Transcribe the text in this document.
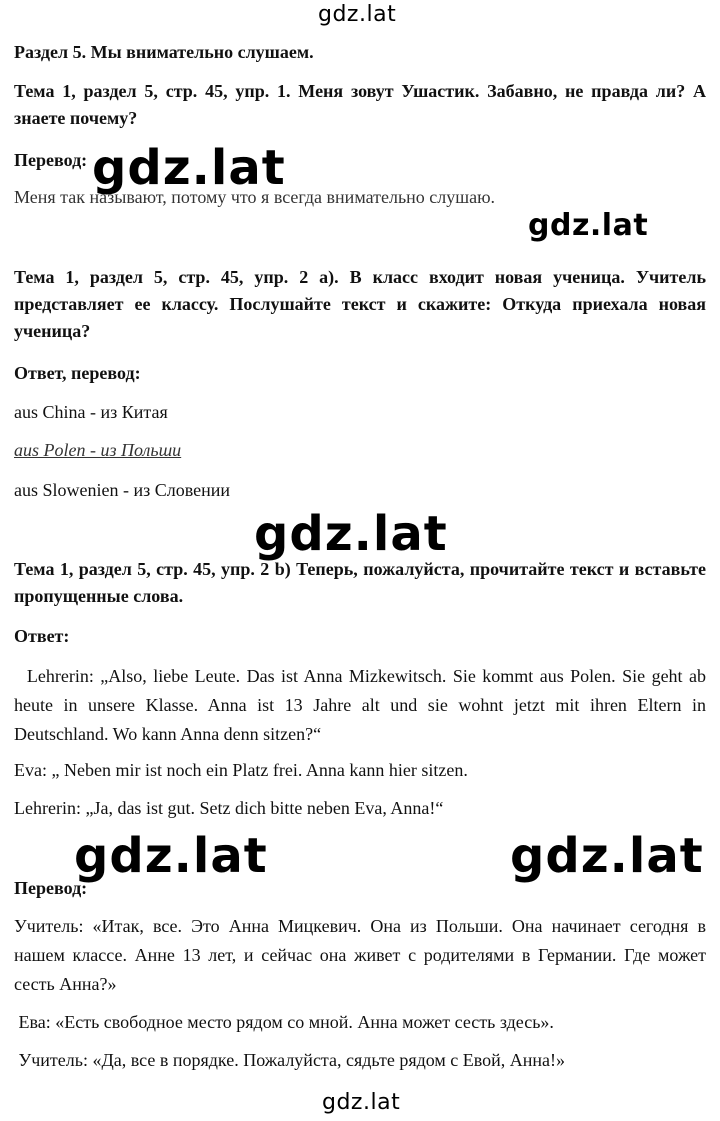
gdz.lat

Раздел 5. Мы внимательно слушаем.

Тема 1, раздел 5, стр. 45, упр. 1. Меня зовут Ушастик. Забавно, не правда ли? А знаете почему?

Перевод: gdz.lat

Меня так называют, потому что я всегда внимательно слушаю.

gdz.lat

Тема 1, раздел 5, стр. 45, упр. 2 a). В класс входит новая ученица. Учитель представляет ее классу. Послушайте текст и скажите: Откуда приехала новая ученица?

Ответ, перевод:

aus China - из Китая

aus Polen - из Польши

aus Slowenien - из Словении

gdz.lat

Тема 1, раздел 5, стр. 45, упр. 2 b) Теперь, пожалуйста, прочитайте текст и вставьте пропущенные слова.

Ответ:

Lehrerin: „Also, liebe Leute. Das ist Anna Mizkewitsch. Sie kommt aus Polen. Sie geht ab heute in unsere Klasse. Anna ist 13 Jahre alt und sie wohnt jetzt mit ihren Eltern in Deutschland. Wo kann Anna denn sitzen?“

Eva: „ Neben mir ist noch ein Platz frei. Anna kann hier sitzen.

Lehrerin: „Ja, das ist gut. Setz dich bitte neben Eva, Anna!“

Перевод:

gdz.lat	gdz.lat

Учитель: «Итак, все. Это Анна Мицкевич. Она из Польши. Она начинает сегодня в нашем классе. Анне 13 лет, и сейчас она живет с родителями в Германии. Где может сесть Анна?»

Ева: «Есть свободное место рядом со мной. Анна может сесть здесь».

Учитель: «Да, все в порядке. Пожалуйста, сядьте рядом с Евой, Анна!»

gdz.lat
